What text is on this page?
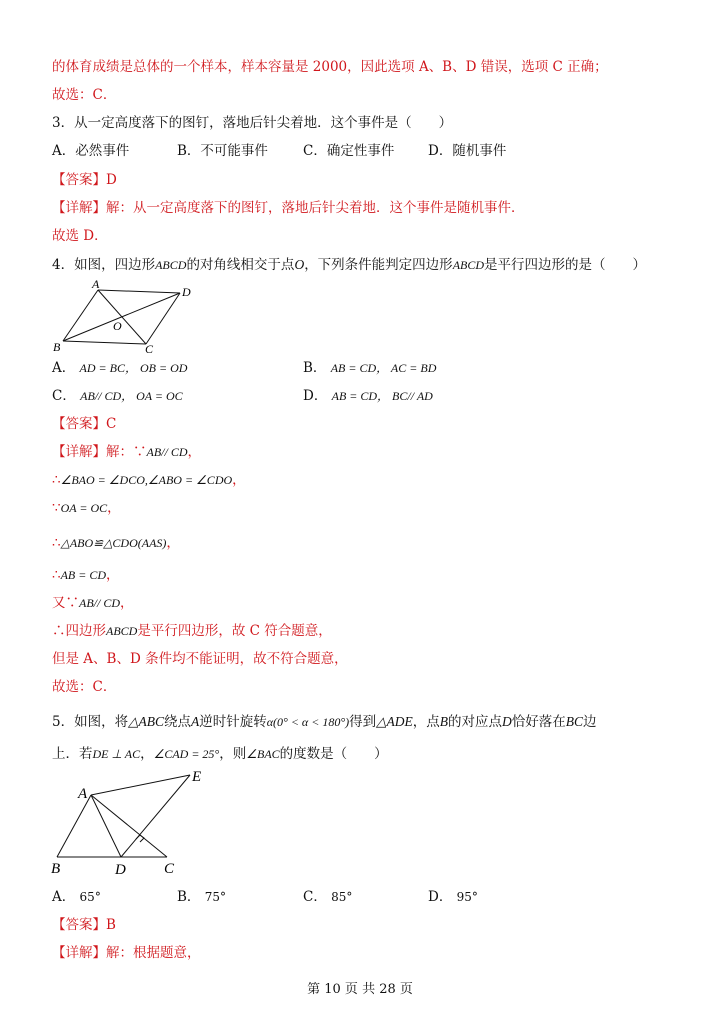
的体育成绩是总体的一个样本，样本容量是 2000，因此选项 A、B、D 错误，选项 C 正确；
故选：C．
3．从一定高度落下的图钉，落地后针尖着地．这个事件是（　　）
A．必然事件	B．不可能事件	C．确定性事件 D．随机事件
【答案】D
【详解】解：从一定高度落下的图钉，落地后针尖着地．这个事件是随机事件．
故选 D．
4．如图，四边形ABCD的对角线相交于点O，下列条件能判定四边形ABCD是平行四边形的是（　　）
A
D
O
B	C
A． AD = BC， OB = OD	B． AB = CD， AC = BD
C． AB// CD， OA = OC	D． AB = CD， BC// AD
【答案】C
【详解】解：∵AB// CD，
∴∠BAO = ∠DCO,∠ABO = ∠CDO，
∵OA = OC，
∴△ABO≌△CDO(AAS)，
∴AB = CD，
又∵AB// CD，
∴四边形ABCD是平行四边形，故 C 符合题意，
但是 A、B、D 条件均不能证明，故不符合题意，
故选：C．
5．如图，将△ABC绕点A逆时针旋转α(0° < α < 180°)得到△ADE，点B的对应点D恰好落在BC边
上．若DE ⊥ AC，∠CAD = 25°，则∠BAC的度数是（　　）
E
A
B	D	C
A． 65°	B． 75°	C． 85°	D． 95°
【答案】B
【详解】解：根据题意，
第 10 页 共 28 页
